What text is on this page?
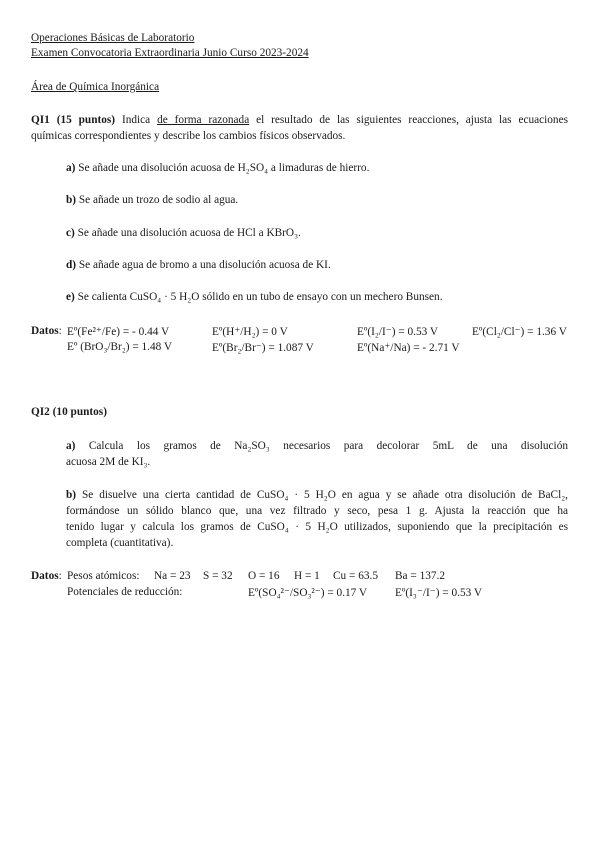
Operaciones Básicas de Laboratorio
Examen Convocatoria Extraordinaria Junio Curso 2023-2024
Área de Química Inorgánica
QI1 (15 puntos) Indica de forma razonada el resultado de las siguientes reacciones, ajusta las ecuaciones
químicas correspondientes y describe los cambios físicos observados.
a) Se añade una disolución acuosa de H₂SO₄ a limaduras de hierro.
b) Se añade un trozo de sodio al agua.
c) Se añade una disolución acuosa de HCl a KBrO₃.
d) Se añade agua de bromo a una disolución acuosa de KI.
e) Se calienta CuSO₄ · 5 H₂O sólido en un tubo de ensayo con un mechero Bunsen.
Datos: Eº(Fe²⁺/Fe) = - 0.44 V	Eº(H⁺/H₂) = 0 V	Eº(I₂/I⁻) = 0.53 V	Eº(Cl₂/Cl⁻) = 1.36 V
Eº (BrO₃/Br₂) = 1.48 V	Eº(Br₂/Br⁻) = 1.087 V	Eº(Na⁺/Na) = - 2.71 V
QI2 (10 puntos)
a) Calcula los gramos de Na₂SO₃ necesarios para decolorar 5mL de una disolución
acuosa 2M de KI₃.
b) Se disuelve una cierta cantidad de CuSO₄ · 5 H₂O en agua y se añade otra disolución de BaCl₂,
formándose un sólido blanco que, una vez filtrado y seco, pesa 1 g. Ajusta la reacción que ha
tenido lugar y calcula los gramos de CuSO₄ · 5 H₂O utilizados, suponiendo que la precipitación es
completa (cuantitativa).
Datos: Pesos atómicos: Na = 23 S = 32 O = 16 H = 1 Cu = 63.5 Ba = 137.2
Potenciales de reducción:	Eº(SO₄²⁻/SO₃²⁻) = 0.17 V Eº(I₃⁻/I⁻) = 0.53 V
